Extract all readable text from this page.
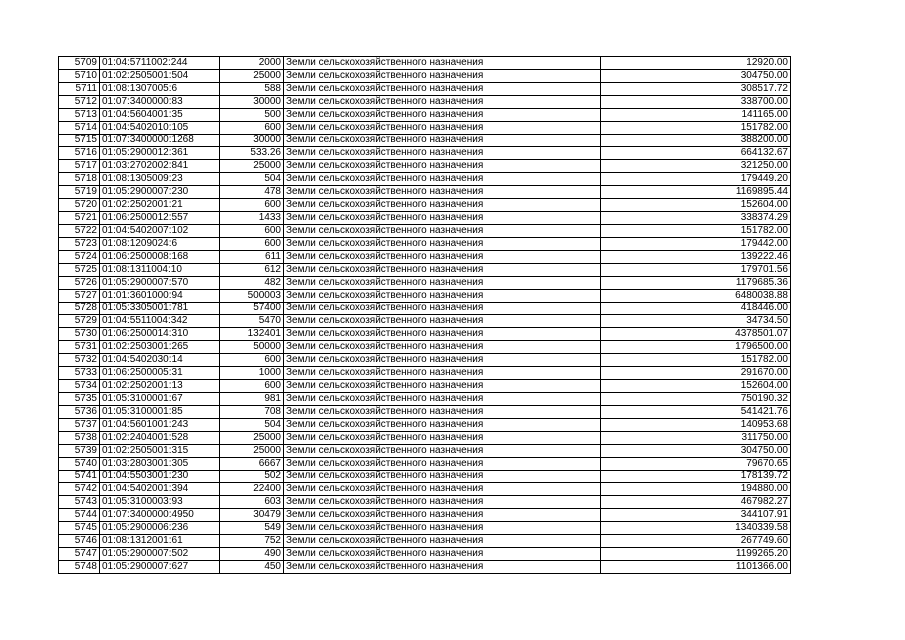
5709	01:04:5711002:244	2000	Земли сельскохозяйственного назначения	12920.00
5710	01:02:2505001:504	25000	Земли сельскохозяйственного назначения	304750.00
5711	01:08:1307005:6	588	Земли сельскохозяйственного назначения	308517.72
5712	01:07:3400000:83	30000	Земли сельскохозяйственного назначения	338700.00
5713	01:04:5604001:35	500	Земли сельскохозяйственного назначения	141165.00
5714	01:04:5402010:105	600	Земли сельскохозяйственного назначения	151782.00
5715	01:07:3400000:1268	30000	Земли сельскохозяйственного назначения	388200.00
5716	01:05:2900012:361	533.26	Земли сельскохозяйственного назначения	664132.67
5717	01:03:2702002:841	25000	Земли сельскохозяйственного назначения	321250.00
5718	01:08:1305009:23	504	Земли сельскохозяйственного назначения	179449.20
5719	01:05:2900007:230	478	Земли сельскохозяйственного назначения	1169895.44
5720	01:02:2502001:21	600	Земли сельскохозяйственного назначения	152604.00
5721	01:06:2500012:557	1433	Земли сельскохозяйственного назначения	338374.29
5722	01:04:5402007:102	600	Земли сельскохозяйственного назначения	151782.00
5723	01:08:1209024:6	600	Земли сельскохозяйственного назначения	179442.00
5724	01:06:2500008:168	611	Земли сельскохозяйственного назначения	139222.46
5725	01:08:1311004:10	612	Земли сельскохозяйственного назначения	179701.56
5726	01:05:2900007:570	482	Земли сельскохозяйственного назначения	1179685.36
5727	01:01:3601000:94	500003	Земли сельскохозяйственного назначения	6480038.88
5728	01:05:3305001:781	57400	Земли сельскохозяйственного назначения	418446.00
5729	01:04:5511004:342	5470	Земли сельскохозяйственного назначения	34734.50
5730	01:06:2500014:310	132401	Земли сельскохозяйственного назначения	4378501.07
5731	01:02:2503001:265	50000	Земли сельскохозяйственного назначения	1796500.00
5732	01:04:5402030:14	600	Земли сельскохозяйственного назначения	151782.00
5733	01:06:2500005:31	1000	Земли сельскохозяйственного назначения	291670.00
5734	01:02:2502001:13	600	Земли сельскохозяйственного назначения	152604.00
5735	01:05:3100001:67	981	Земли сельскохозяйственного назначения	750190.32
5736	01:05:3100001:85	708	Земли сельскохозяйственного назначения	541421.76
5737	01:04:5601001:243	504	Земли сельскохозяйственного назначения	140953.68
5738	01:02:2404001:528	25000	Земли сельскохозяйственного назначения	311750.00
5739	01:02:2505001:315	25000	Земли сельскохозяйственного назначения	304750.00
5740	01:03:2803001:305	6667	Земли сельскохозяйственного назначения	79670.65
5741	01:04:5503001:230	502	Земли сельскохозяйственного назначения	178139.72
5742	01:04:5402001:394	22400	Земли сельскохозяйственного назначения	194880.00
5743	01:05:3100003:93	603	Земли сельскохозяйственного назначения	467982.27
5744	01:07:3400000:4950	30479	Земли сельскохозяйственного назначения	344107.91
5745	01:05:2900006:236	549	Земли сельскохозяйственного назначения	1340339.58
5746	01:08:1312001:61	752	Земли сельскохозяйственного назначения	267749.60
5747	01:05:2900007:502	490	Земли сельскохозяйственного назначения	1199265.20
5748	01:05:2900007:627	450	Земли сельскохозяйственного назначения	1101366.00
